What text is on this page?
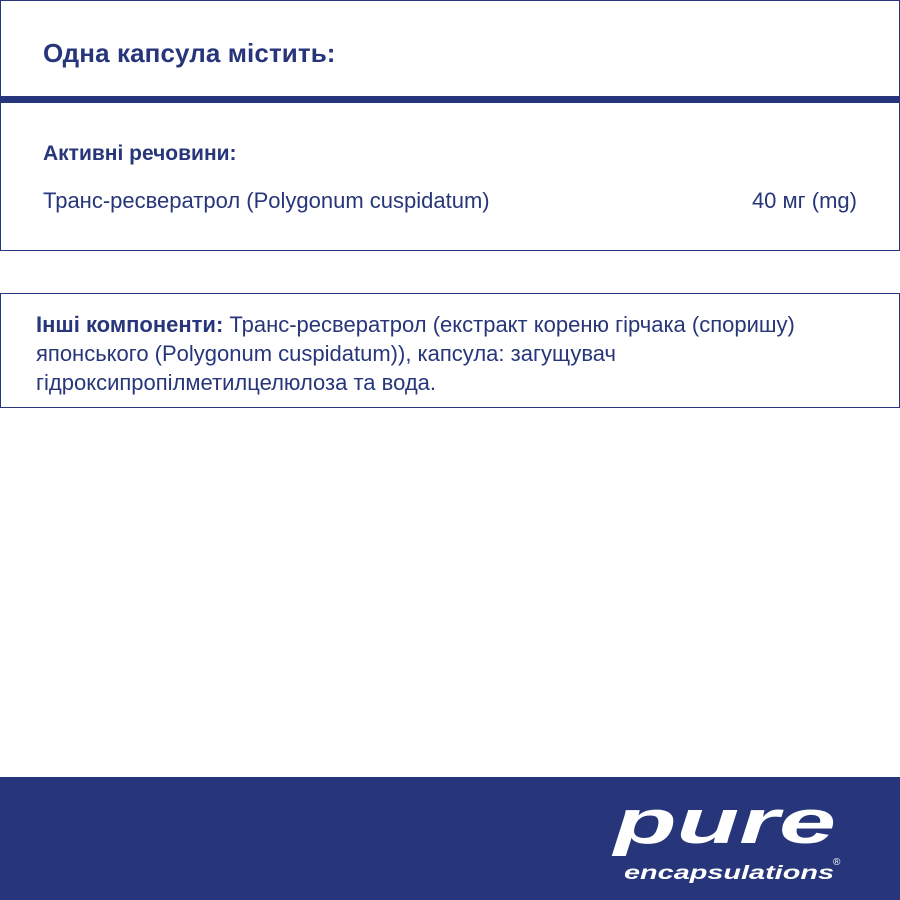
Одна капсула містить:
Активні речовини:
Транс-ресвератрол (Polygonum cuspidatum)	40 мг (mg)
Інші компоненти: Транс-ресвератрол (екстракт кореню гірчака (споришу) японського (Polygonum cuspidatum)), капсула: загущувач гідроксипропілметилцелюлоза та вода.
pure
encapsulations
®
